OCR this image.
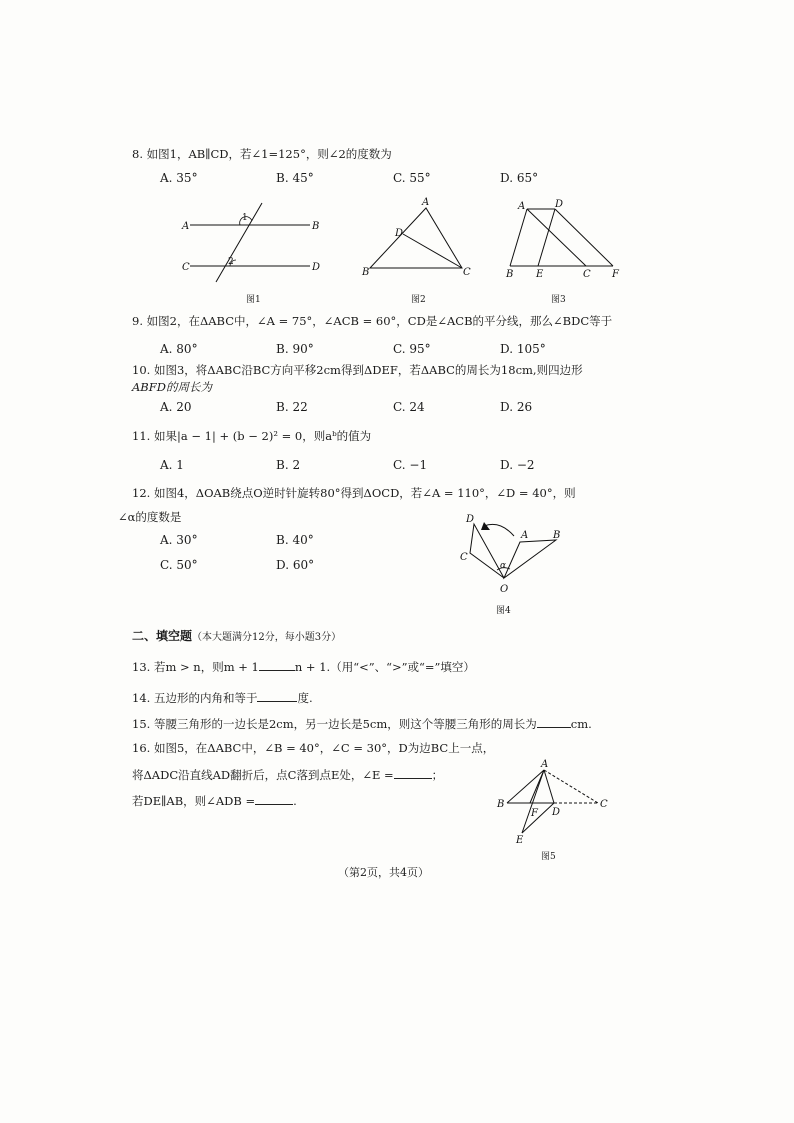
8. 如图1，AB∥CD，若∠1=125°，则∠2的度数为
A. 35°	B. 45°	C. 55°	D. 65°
A	B
C	D
1
2
A
D
B	C
A	D
B E	C F
D
A B
C
α
O
A
B
F D
C
E
图1	图2	图3
图4
图5
9. 如图2，在ΔABC中，∠A = 75°，∠ACB = 60°，CD是∠ACB的平分线，那么∠BDC等于
A. 80°	B. 90°	C. 95°	D. 105°
10. 如图3，将ΔABC沿BC方向平移2cm得到ΔDEF，若ΔABC的周长为18cm,则四边形
ABFD的周长为
A. 20	B. 22	C. 24	D. 26
11. 如果|a − 1| + (b − 2)² = 0，则aᵇ的值为
A. 1	B. 2	C. −1	D. −2
12. 如图4，ΔOAB绕点O逆时针旋转80°得到ΔOCD，若∠A = 110°，∠D = 40°，则
∠α的度数是
A. 30°	B. 40°
C. 50°	D. 60°
二、填空题（本大题满分12分，每小题3分）
13. 若m > n，则m + 1	n + 1.（用“<”、“>”或“=”填空）
14. 五边形的内角和等于	度.
15. 等腰三角形的一边长是2cm，另一边长是5cm，则这个等腰三角形的周长为	cm.
16. 如图5，在ΔABC中，∠B = 40°，∠C = 30°，D为边BC上一点，
将ΔADC沿直线AD翻折后，点C落到点E处，∠E =	；
若DE∥AB，则∠ADB =	.
（第2页，共4页）
